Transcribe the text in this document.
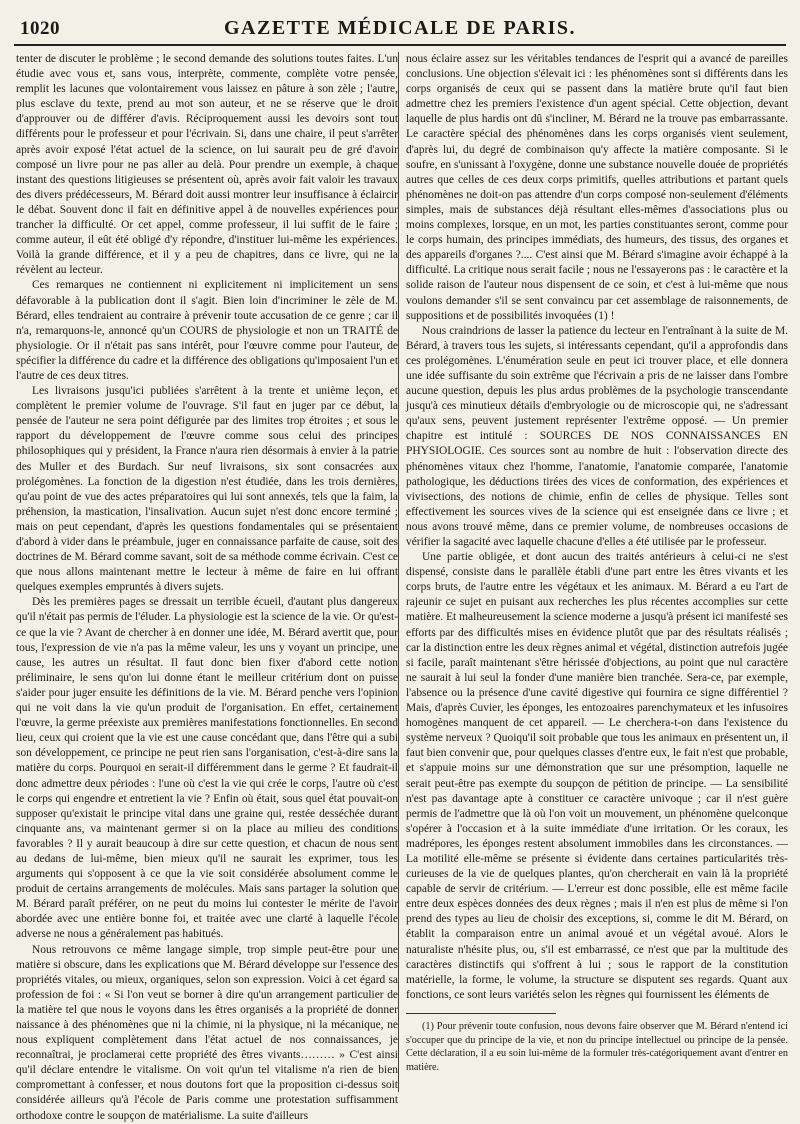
1020	GAZETTE MÉDICALE DE PARIS.

tenter de discuter le problème ; le second demande des solutions toutes faites. L'un étudie avec vous et, sans vous, interprète, commente, complète votre pensée, remplit les lacunes que volontairement vous laissez en pâture à son zèle ; l'autre, plus esclave du texte, prend au mot son auteur, et ne se réserve que le droit d'approuver ou de différer d'avis. Réciproquement aussi les devoirs sont tout différents pour le professeur et pour l'écrivain. Si, dans une chaire, il peut s'arrêter après avoir exposé l'état actuel de la science, on lui saurait peu de gré d'avoir composé un livre pour ne pas aller au delà. Pour prendre un exemple, à chaque instant des questions litigieuses se présentent où, après avoir fait valoir les travaux des divers prédécesseurs, M. Bérard doit aussi montrer leur insuffisance à éclaircir le débat. Souvent donc il fait en définitive appel à de nouvelles expériences pour trancher la difficulté. Or cet appel, comme professeur, il lui suffit de le faire ; comme auteur, il eût été obligé d'y répondre, d'instituer lui-même les expériences. Voilà la grande différence, et il y a peu de chapitres, dans ce livre, qui ne la révèlent au lecteur.

Ces remarques ne contiennent ni explicitement ni implicitement un sens défavorable à la publication dont il s'agit. Bien loin d'incriminer le zèle de M. Bérard, elles tendraient au contraire à prévenir toute accusation de ce genre ; car il n'a, remarquons-le, annoncé qu'un COURS de physiologie et non un TRAITÉ de physiologie. Or il n'était pas sans intérêt, pour l'œuvre comme pour l'auteur, de spécifier la différence du cadre et la différence des obligations qu'imposaient l'un et l'autre de ces deux titres.

Les livraisons jusqu'ici publiées s'arrêtent à la trente et unième leçon, et complètent le premier volume de l'ouvrage. S'il faut en juger par ce début, la pensée de l'auteur ne sera point défigurée par des limites trop étroites ; et sous le rapport du développement de l'œuvre comme sous celui des principes philosophiques qui y président, la France n'aura rien désormais à envier à la patrie des Muller et des Burdach. Sur neuf livraisons, six sont consacrées aux prolégomènes. La fonction de la digestion n'est étudiée, dans les trois dernières, qu'au point de vue des actes préparatoires qui lui sont annexés, tels que la faim, la préhension, la mastication, l'insalivation. Aucun sujet n'est donc encore terminé ; mais on peut cependant, d'après les questions fondamentales qui se présentaient d'abord à vider dans le préambule, juger en connaissance parfaite de cause, soit des doctrines de M. Bérard comme savant, soit de sa méthode comme écrivain. C'est ce que nous allons maintenant mettre le lecteur à même de faire en lui offrant quelques exemples empruntés à divers sujets.

Dès les premières pages se dressait un terrible écueil, d'autant plus dangereux qu'il n'était pas permis de l'éluder. La physiologie est la science de la vie. Or qu'est-ce que la vie ? Avant de chercher à en donner une idée, M. Bérard avertit que, pour tous, l'expression de vie n'a pas la même valeur, les uns y voyant un principe, une cause, les autres un résultat. Il faut donc bien fixer d'abord cette notion préliminaire, le sens qu'on lui donne étant le meilleur critérium dont on puisse s'aider pour juger ensuite les définitions de la vie. M. Bérard penche vers l'opinion qui ne voit dans la vie qu'un produit de l'organisation. En effet, certainement l'œuvre, la germe préexiste aux premières manifestations fonctionnelles. En second lieu, ceux qui croient que la vie est une cause concédant que, dans l'être qui a subi son développement, ce principe ne peut rien sans l'organisation, c'est-à-dire sans la matière du corps. Pourquoi en serait-il différemment dans le germe ? Et faudrait-il donc admettre deux périodes : l'une où c'est la vie qui crée le corps, l'autre où c'est le corps qui engendre et entretient la vie ? Enfin où était, sous quel état pouvait-on supposer qu'existait le principe vital dans une graine qui, restée desséchée durant cinquante ans, va maintenant germer si on la place au milieu des conditions favorables ? Il y aurait beaucoup à dire sur cette question, et chacun de nous sent au dedans de lui-même, bien mieux qu'il ne saurait les exprimer, tous les arguments qui s'opposent à ce que la vie soit considérée absolument comme le produit de certains arrangements de molécules. Mais sans partager la solution que M. Bérard paraît préférer, on ne peut du moins lui contester le mérite de l'avoir abordée avec une entière bonne foi, et traitée avec une clarté à laquelle l'école adverse ne nous a généralement pas habitués.

Nous retrouvons ce même langage simple, trop simple peut-être pour une matière si obscure, dans les explications que M. Bérard développe sur l'essence des propriétés vitales, ou mieux, organiques, selon son expression. Voici à cet égard sa profession de foi : « Si l'on veut se borner à dire qu'un arrangement particulier de la matière tel que nous le voyons dans les êtres organisés a la propriété de donner naissance à des phénomènes que ni la chimie, ni la physique, ni la mécanique, ne nous expliquent complètement dans l'état actuel de nos connaissances, je reconnaîtrai, je proclamerai cette propriété des êtres vivants……… » C'est ainsi qu'il déclare entendre le vitalisme. On voit qu'un tel vitalisme n'a rien de bien compromettant à confesser, et nous doutons fort que la proposition ci-dessus soit considérée ailleurs qu'à l'école de Paris comme une protestation suffisamment orthodoxe contre le soupçon de matérialisme. La suite d'ailleurs

nous éclaire assez sur les véritables tendances de l'esprit qui a avancé de pareilles conclusions. Une objection s'élevait ici : les phénomènes sont si différents dans les corps organisés de ceux qui se passent dans la matière brute qu'il faut bien admettre chez les premiers l'existence d'un agent spécial. Cette objection, devant laquelle de plus hardis ont dû s'incliner, M. Bérard ne la trouve pas embarrassante. Le caractère spécial des phénomènes dans les corps organisés vient seulement, d'après lui, du degré de combinaison qu'y affecte la matière composante. Si le soufre, en s'unissant à l'oxygène, donne une substance nouvelle douée de propriétés autres que celles de ces deux corps primitifs, quelles attributions et partant quels phénomènes ne doit-on pas attendre d'un corps composé non-seulement d'éléments simples, mais de substances déjà résultant elles-mêmes d'associations plus ou moins complexes, lorsque, en un mot, les parties constituantes seront, comme pour le corps humain, des principes immédiats, des humeurs, des tissus, des organes et des appareils d'organes ?.... C'est ainsi que M. Bérard s'imagine avoir échappé à la difficulté. La critique nous serait facile ; nous ne l'essayerons pas : le caractère et la solide raison de l'auteur nous dispensent de ce soin, et c'est à lui-même que nous voulons demander s'il se sent convaincu par cet assemblage de raisonnements, de suppositions et de possibilités invoquées (1) !

Nous craindrions de lasser la patience du lecteur en l'entraînant à la suite de M. Bérard, à travers tous les sujets, si intéressants cependant, qu'il a approfondis dans ces prolégomènes. L'énumération seule en peut ici trouver place, et elle donnera une idée suffisante du soin extrême que l'écrivain a pris de ne laisser dans l'ombre aucune question, depuis les plus ardus problèmes de la psychologie transcendante jusqu'à ces minutieux détails d'embryologie ou de microscopie qui, ne s'adressant qu'aux sens, peuvent justement représenter l'extrême opposé. — Un premier chapitre est intitulé : SOURCES DE NOS CONNAISSANCES EN PHYSIOLOGIE. Ces sources sont au nombre de huit : l'observation directe des phénomènes vitaux chez l'homme, l'anatomie, l'anatomie comparée, l'anatomie pathologique, les déductions tirées des vices de conformation, des expériences et vivisections, des notions de chimie, enfin de celles de physique. Telles sont effectivement les sources vives de la science qui est enseignée dans ce livre ; et nous avons trouvé même, dans ce premier volume, de nombreuses occasions de vérifier la sagacité avec laquelle chacune d'elles a été utilisée par le professeur.

Une partie obligée, et dont aucun des traités antérieurs à celui-ci ne s'est dispensé, consiste dans le parallèle établi d'une part entre les êtres vivants et les corps bruts, de l'autre entre les végétaux et les animaux. M. Bérard a eu l'art de rajeunir ce sujet en puisant aux recherches les plus récentes accomplies sur cette matière. Et malheureusement la science moderne a jusqu'à présent ici manifesté ses efforts par des difficultés mises en évidence plutôt que par des résultats réalisés ; car la distinction entre les deux règnes animal et végétal, distinction autrefois jugée si facile, paraît maintenant s'être hérissée d'objections, au point que nul caractère ne saurait à lui seul la fonder d'une manière bien tranchée. Sera-ce, par exemple, l'absence ou la présence d'une cavité digestive qui fournira ce signe différentiel ? Mais, d'après Cuvier, les éponges, les entozoaires parenchymateux et les infusoires homogènes manquent de cet appareil. — Le cherchera-t-on dans l'existence du système nerveux ? Quoiqu'il soit probable que tous les animaux en présentent un, il faut bien convenir que, pour quelques classes d'entre eux, le fait n'est que probable, et s'appuie moins sur une démonstration que sur une présomption, laquelle ne serait peut-être pas exempte du soupçon de pétition de principe. — La sensibilité n'est pas davantage apte à constituer ce caractère univoque ; car il n'est guère permis de l'admettre que là où l'on voit un mouvement, un phénomène quelconque s'opérer à l'occasion et à la suite immédiate d'une irritation. Or les coraux, les madrépores, les éponges restent absolument immobiles dans les circonstances. — La motilité elle-même se présente si évidente dans certaines particularités très-curieuses de la vie de quelques plantes, qu'on chercherait en vain là la propriété capable de servir de critérium. — L'erreur est donc possible, elle est même facile entre deux espèces données des deux règnes ; mais il n'en est plus de même si l'on prend des types au lieu de choisir des exceptions, si, comme le dit M. Bérard, on établit la comparaison entre un animal avoué et un végétal avoué. Alors le naturaliste n'hésite plus, ou, s'il est embarrassé, ce n'est que par la multitude des caractères distinctifs qui s'offrent à lui ; sous le rapport de la constitution matérielle, la forme, le volume, la structure se disputent ses regards. Quant aux fonctions, ce sont leurs variétés selon les règnes qui fournissent les éléments de

(1) Pour prévenir toute confusion, nous devons faire observer que M. Bérard n'entend ici s'occuper que du principe de la vie, et non du principe intellectuel ou principe de la pensée. Cette déclaration, il a eu soin lui-même de la formuler très-catégoriquement avant d'entrer en matière.
